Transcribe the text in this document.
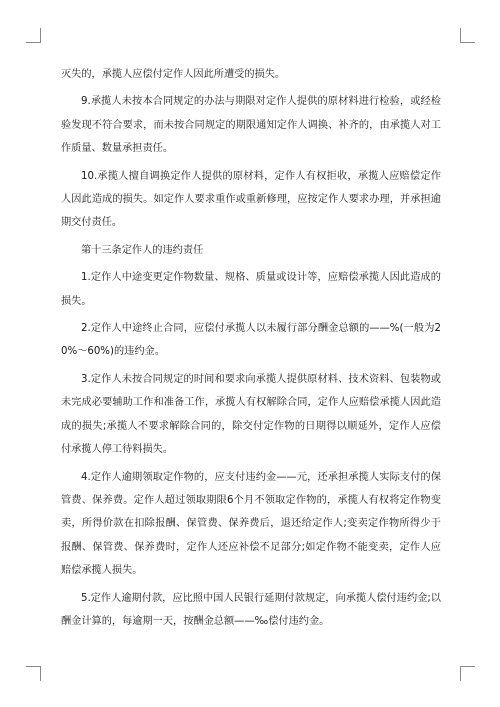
灭失的，承揽人应偿付定作人因此所遭受的损失。

9.承揽人未按本合同规定的办法与期限对定作人提供的原材料进行检验，或经检验发现不符合要求，而未按合同规定的期限通知定作人调换、补齐的，由承揽人对工作质量、数量承担责任。

10.承揽人擅自调换定作人提供的原材料，定作人有权拒收，承揽人应赔偿定作人因此造成的损失。如定作人要求重作或重新修理，应按定作人要求办理，并承担逾期交付责任。

第十三条定作人的违约责任

1.定作人中途变更定作物数量、规格、质量或设计等，应赔偿承揽人因此造成的损失。

2.定作人中途终止合同，应偿付承揽人以未履行部分酬金总额的——%(一般为20%～60%)的违约金。

3.定作人未按合同规定的时间和要求向承揽人提供原材料、技术资料、包装物或未完成必要辅助工作和准备工作，承揽人有权解除合同，定作人应赔偿承揽人因此造成的损失;承揽人不要求解除合同的，除交付定作物的日期得以顺延外，定作人应偿付承揽人停工待料损失。

4.定作人逾期领取定作物的，应支付违约金——元，还承担承揽人实际支付的保管费、保养费。定作人超过领取期限6个月不领取定作物的，承揽人有权将定作物变卖，所得价款在扣除报酬、保管费、保养费后，退还给定作人;变卖定作物所得少于报酬、保管费、保养费时，定作人还应补偿不足部分;如定作物不能变卖，定作人应赔偿承揽人损失。

5.定作人逾期付款，应比照中国人民银行延期付款规定，向承揽人偿付违约金;以酬金计算的，每逾期一天，按酬金总额——‰偿付违约金。
